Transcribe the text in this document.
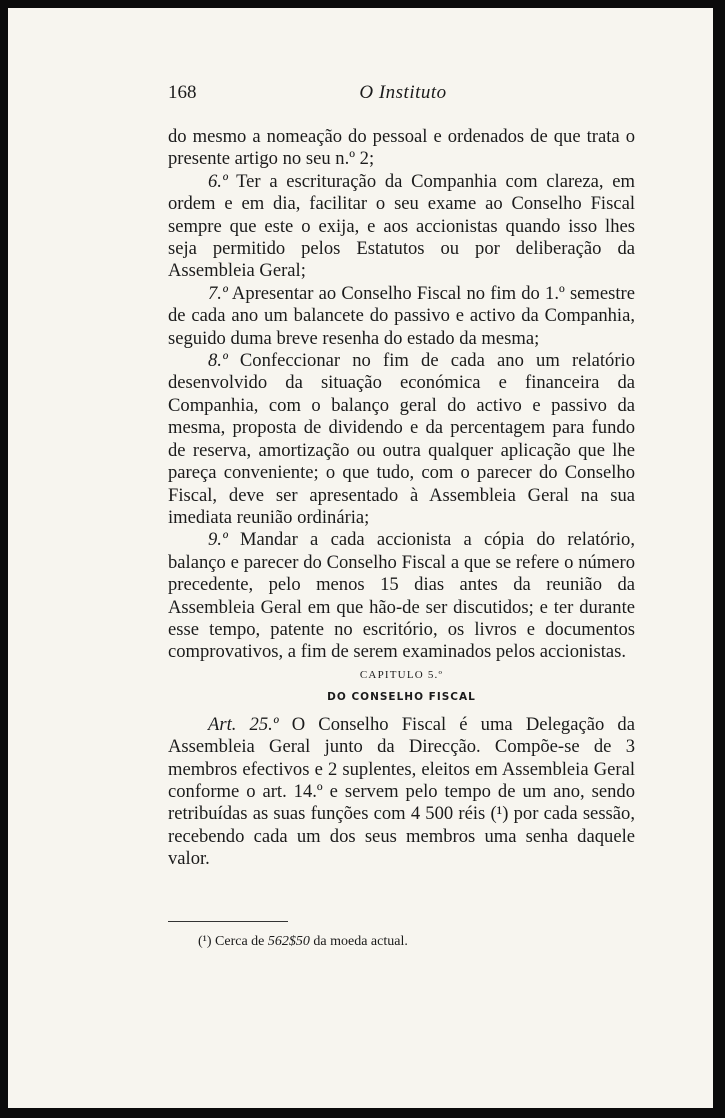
168	O Instituto

do mesmo a nomeação do pessoal e ordenados de que trata o presente artigo no seu n.º 2;

6.º Ter a escrituração da Companhia com clareza, em ordem e em dia, facilitar o seu exame ao Conselho Fiscal sempre que este o exija, e aos accionistas quando isso lhes seja permitido pelos Estatutos ou por deliberação da Assembleia Geral;

7.º Apresentar ao Conselho Fiscal no fim do 1.º semestre de cada ano um balancete do passivo e activo da Companhia, seguido duma breve resenha do estado da mesma;

8.º Confeccionar no fim de cada ano um relatório desenvolvido da situação económica e financeira da Companhia, com o balanço geral do activo e passivo da mesma, proposta de dividendo e da percentagem para fundo de reserva, amortização ou outra qualquer aplicação que lhe pareça conveniente; o que tudo, com o parecer do Conselho Fiscal, deve ser apresentado à Assembleia Geral na sua imediata reunião ordinária;

9.º Mandar a cada accionista a cópia do relatório, balanço e parecer do Conselho Fiscal a que se refere o número precedente, pelo menos 15 dias antes da reunião da Assembleia Geral em que hão-de ser discutidos; e ter durante esse tempo, patente no escritório, os livros e documentos comprovativos, a fim de serem examinados pelos accionistas.

CAPITULO 5.º
DO CONSELHO FISCAL

Art. 25.º O Conselho Fiscal é uma Delegação da Assembleia Geral junto da Direcção. Compõe-se de 3 membros efectivos e 2 suplentes, eleitos em Assembleia Geral conforme o art. 14.º e servem pelo tempo de um ano, sendo retribuídas as suas funções com 4 500 réis (¹) por cada sessão, recebendo cada um dos seus membros uma senha daquele valor.

(¹) Cerca de 562$50 da moeda actual.
